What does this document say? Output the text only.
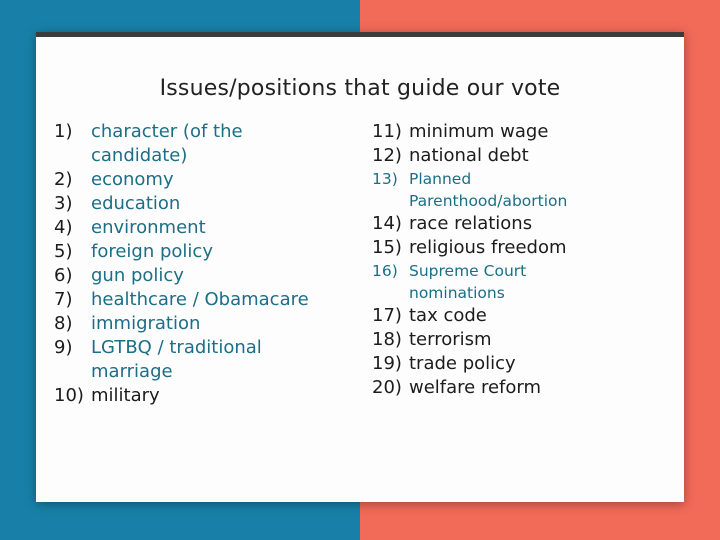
Issues/positions that guide our vote
1)	character (of the candidate)
2)	economy
3)	education
4)	environment
5)	foreign policy
6)	gun policy
7)	healthcare / Obamacare
8)	immigration
9)	LGTBQ / traditional marriage
10) military
11) minimum wage
12) national debt
13) Planned Parenthood/abortion
14) race relations
15) religious freedom
16) Supreme Court nominations
17) tax code
18) terrorism
19) trade policy
20) welfare reform
